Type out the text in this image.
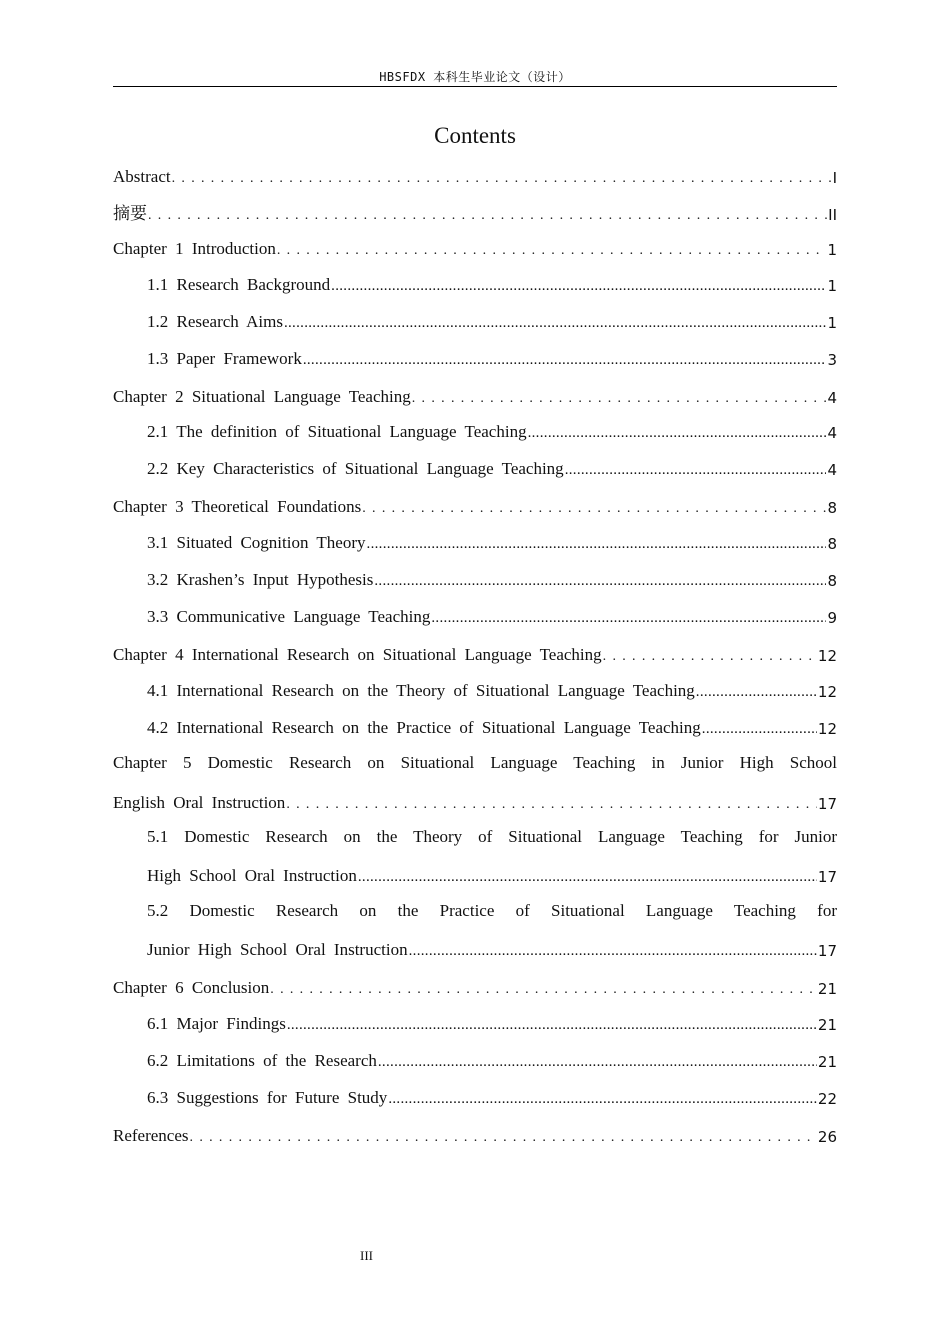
HBSFDX 本科生毕业论文（设计）
Contents
Abstract . . .	I
摘要 . . .	II
Chapter 1 Introduction . . .	1
1.1 Research Background .....	1
1.2 Research Aims .....	1
1.3 Paper Framework .....	3
Chapter 2 Situational Language Teaching . . .	4
2.1 The definition of Situational Language Teaching .....	4
2.2 Key Characteristics of Situational Language Teaching .....	4
Chapter 3 Theoretical Foundations . . .	8
3.1 Situated Cognition Theory .....	8
3.2 Krashen’s Input Hypothesis .....	8
3.3 Communicative Language Teaching .....	9
Chapter 4 International Research on Situational Language Teaching . . .	12
4.1 International Research on the Theory of Situational Language Teaching .....	12
4.2 International Research on the Practice of Situational Language Teaching .....	12
Chapter 5 Domestic Research on Situational Language Teaching in Junior High School
English Oral Instruction . . .	17
5.1 Domestic Research on the Theory of Situational Language Teaching for Junior
High School Oral Instruction .....	17
5.2 Domestic Research on the Practice of Situational Language Teaching for
Junior High School Oral Instruction .....	17
Chapter 6 Conclusion . . .	21
6.1 Major Findings .....	21
6.2 Limitations of the Research .....	21
6.3 Suggestions for Future Study .....	22
References . . .	26
III
